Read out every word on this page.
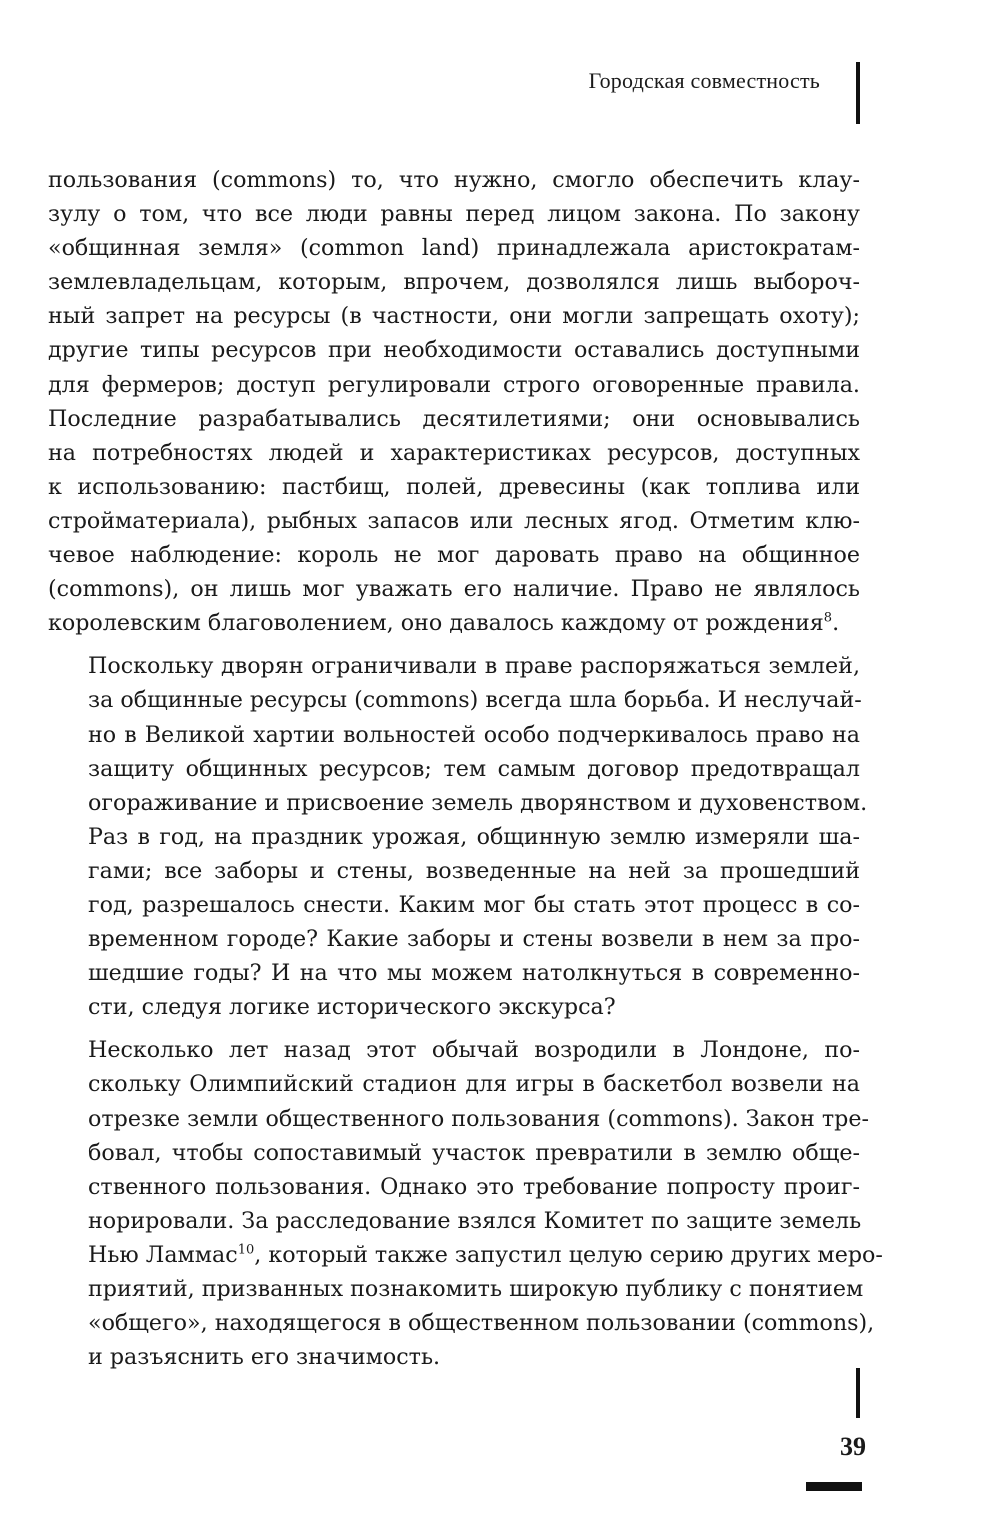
Городская совместность

пользования (commons) то, что нужно, смогло обеспечить клау-
зулу о том, что все люди равны перед лицом закона. По закону
«общинная земля» (common land) принадлежала аристократам-
землевладельцам, которым, впрочем, дозволялся лишь выбороч-
ный запрет на ресурсы (в частности, они могли запрещать охоту);
другие типы ресурсов при необходимости оставались доступными
для фермеров; доступ регулировали строго оговоренные правила.
Последние разрабатывались десятилетиями; они основывались
на потребностях людей и характеристиках ресурсов, доступных
к использованию: пастбищ, полей, древесины (как топлива или
стройматериала), рыбных запасов или лесных ягод. Отметим клю-
чевое наблюдение: король не мог даровать право на общинное
(commons), он лишь мог уважать его наличие. Право не являлось
королевским благоволением, оно давалось каждому от рождения$^8$.

Поскольку дворян ограничивали в праве распоряжаться землей,
за общинные ресурсы (commons) всегда шла борьба. И неслучай-
но в Великой хартии вольностей особо подчеркивалось право на
защиту общинных ресурсов; тем самым договор предотвращал
огораживание и присвоение земель дворянством и духовенством.
Раз в год, на праздник урожая, общинную землю измеряли ша-
гами; все заборы и стены, возведенные на ней за прошедший
год, разрешалось снести. Каким мог бы стать этот процесс в со-
временном городе? Какие заборы и стены возвели в нем за про-
шедшие годы? И на что мы можем натолкнуться в современно-
сти, следуя логике исторического экскурса?

Несколько лет назад этот обычай возродили в Лондоне, по-
скольку Олимпийский стадион для игры в баскетбол возвели на
отрезке земли общественного пользования (commons). Закон тре-
бовал, чтобы сопоставимый участок превратили в землю обще-
ственного пользования. Однако это требование попросту проиг-
норировали. За расследование взялся Комитет по защите земель
Нью Ламмас$^{10}$, который также запустил целую серию других меро-
приятий, призванных познакомить широкую публику с понятием
«общего», находящегося в общественном пользовании (commons),
и разъяснить его значимость.

39
